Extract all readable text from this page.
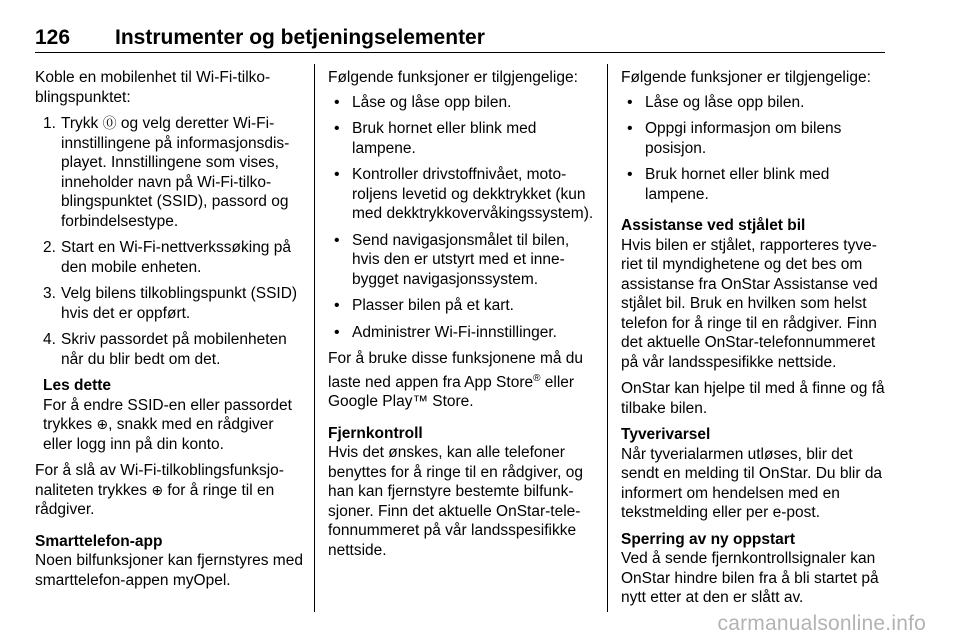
126 Instrumenter og betjeningselementer

Koble en mobilenhet til Wi-Fi-tilkoblingspunktet:

1. Trykk ⓪ og velg deretter Wi-Fi-innstillingene på informasjonsdisplayet. Innstillingene som vises, inneholder navn på Wi-Fi-tilkoblingspunktet (SSID), passord og forbindelsestype.
2. Start en Wi-Fi-nettverkssøking på den mobile enheten.
3. Velg bilens tilkoblingspunkt (SSID) hvis det er oppført.
4. Skriv passordet på mobilenheten når du blir bedt om det.

Les dette

For å endre SSID-en eller passordet trykkes ⊕, snakk med en rådgiver eller logg inn på din konto.

For å slå av Wi-Fi-tilkoblingsfunksjonaliteten trykkes ⊕ for å ringe til en rådgiver.

Smarttelefon-app

Noen bilfunksjoner kan fjernstyres med smarttelefon-appen myOpel.

Følgende funksjoner er tilgjengelige:

• Låse og låse opp bilen.
• Bruk hornet eller blink med lampene.
• Kontroller drivstoffnivået, motoroljens levetid og dekktrykket (kun med dekktrykkovervåkingssystem).
• Send navigasjonsmålet til bilen, hvis den er utstyrt med et innebygget navigasjonssystem.
• Plasser bilen på et kart.
• Administrer Wi-Fi-innstillinger.

For å bruke disse funksjonene må du laste ned appen fra App Store® eller Google Play™ Store.

Fjernkontroll

Hvis det ønskes, kan alle telefoner benyttes for å ringe til en rådgiver, og han kan fjernstyre bestemte bilfunksjoner. Finn det aktuelle OnStar-telefonnummeret på vår landsspesifikke nettside.

Følgende funksjoner er tilgjengelige:

• Låse og låse opp bilen.
• Oppgi informasjon om bilens posisjon.
• Bruk hornet eller blink med lampene.

Assistanse ved stjålet bil

Hvis bilen er stjålet, rapporteres tyveriet til myndighetene og det bes om assistanse fra OnStar Assistanse ved stjålet bil. Bruk en hvilken som helst telefon for å ringe til en rådgiver. Finn det aktuelle OnStar-telefonnummeret på vår landsspesifikke nettside.

OnStar kan hjelpe til med å finne og få tilbake bilen.

Tyverivarsel

Når tyverialarmen utløses, blir det sendt en melding til OnStar. Du blir da informert om hendelsen med en tekstmelding eller per e-post.

Sperring av ny oppstart

Ved å sende fjernkontrollsignaler kan OnStar hindre bilen fra å bli startet på nytt etter at den er slått av.

carmanualsonline.info
